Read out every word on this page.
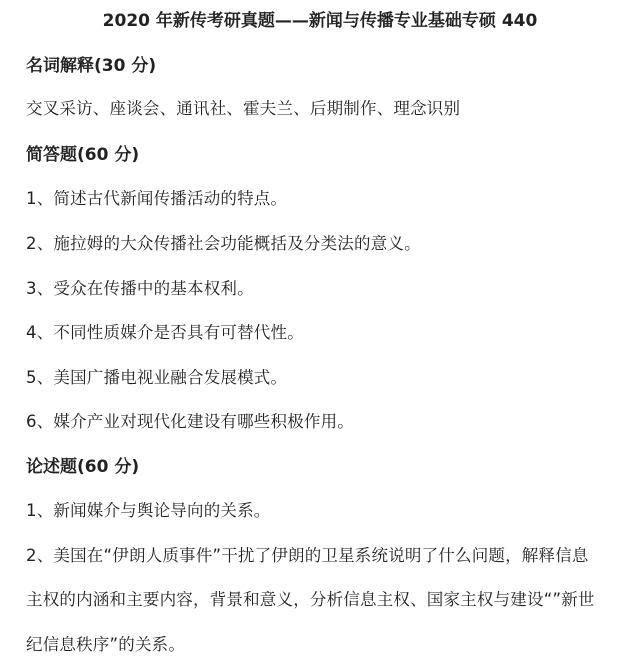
2020 年新传考研真题——新闻与传播专业基础专硕 440
名词解释(30 分)
交叉采访、座谈会、通讯社、霍夫兰、后期制作、理念识别
简答题(60 分)
1、简述古代新闻传播活动的特点。
2、施拉姆的大众传播社会功能概括及分类法的意义。
3、受众在传播中的基本权利。
4、不同性质媒介是否具有可替代性。
5、美国广播电视业融合发展模式。
6、媒介产业对现代化建设有哪些积极作用。
论述题(60 分)
1、新闻媒介与舆论导向的关系。
2、美国在“伊朗人质事件”干扰了伊朗的卫星系统说明了什么问题，解释信息
主权的内涵和主要内容，背景和意义，分析信息主权、国家主权与建设“”新世
纪信息秩序”的关系。
